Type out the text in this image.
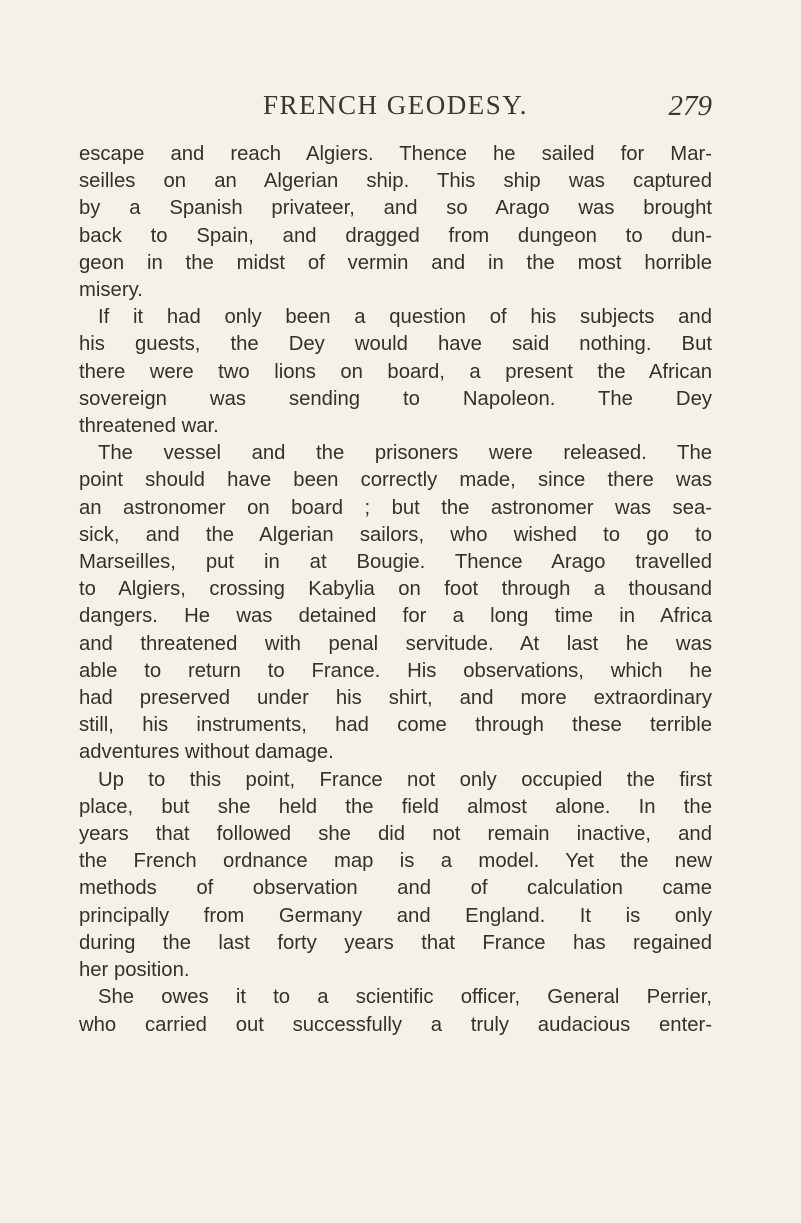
FRENCH GEODESY.	279

escape and reach Algiers. Thence he sailed for Mar-
seilles on an Algerian ship. This ship was captured
by a Spanish privateer, and so Arago was brought
back to Spain, and dragged from dungeon to dun-
geon in the midst of vermin and in the most horrible
misery.

If it had only been a question of his subjects and
his guests, the Dey would have said nothing. But
there were two lions on board, a present the African
sovereign was sending to Napoleon. The Dey
threatened war.

The vessel and the prisoners were released. The
point should have been correctly made, since there was
an astronomer on board ; but the astronomer was sea-
sick, and the Algerian sailors, who wished to go to
Marseilles, put in at Bougie. Thence Arago travelled
to Algiers, crossing Kabylia on foot through a thousand
dangers. He was detained for a long time in Africa
and threatened with penal servitude. At last he was
able to return to France. His observations, which he
had preserved under his shirt, and more extraordinary
still, his instruments, had come through these terrible
adventures without damage.

Up to this point, France not only occupied the first
place, but she held the field almost alone. In the
years that followed she did not remain inactive, and
the French ordnance map is a model. Yet the new
methods of observation and of calculation came
principally from Germany and England. It is only
during the last forty years that France has regained
her position.

She owes it to a scientific officer, General Perrier,
who carried out successfully a truly audacious enter-
